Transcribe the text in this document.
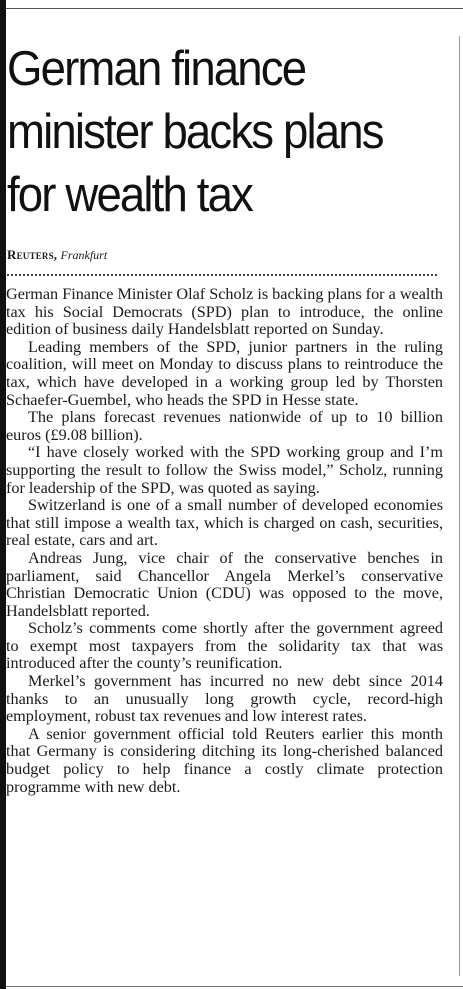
German finance minister backs plans for wealth tax
Reuters, Frankfurt

German Finance Minister Olaf Scholz is backing plans for a wealth tax his Social Democrats (SPD) plan to introduce, the online edition of business daily Handelsblatt reported on Sunday.

Leading members of the SPD, junior partners in the ruling coalition, will meet on Monday to discuss plans to reintroduce the tax, which have developed in a working group led by Thorsten Schaefer-Guembel, who heads the SPD in Hesse state.

The plans forecast revenues nationwide of up to 10 billion euros (£9.08 billion).

“I have closely worked with the SPD working group and I’m supporting the result to follow the Swiss model,” Scholz, running for leadership of the SPD, was quoted as saying.

Switzerland is one of a small number of developed economies that still impose a wealth tax, which is charged on cash, securities, real estate, cars and art.

Andreas Jung, vice chair of the conservative benches in parliament, said Chancellor Angela Merkel’s conservative Christian Democratic Union (CDU) was opposed to the move, Handelsblatt reported.

Scholz’s comments come shortly after the government agreed to exempt most taxpayers from the solidarity tax that was introduced after the county’s reunification.

Merkel’s government has incurred no new debt since 2014 thanks to an unusually long growth cycle, record-high employment, robust tax revenues and low interest rates.

A senior government official told Reuters earlier this month that Germany is considering ditching its long-cherished balanced budget policy to help finance a costly climate protection programme with new debt.
